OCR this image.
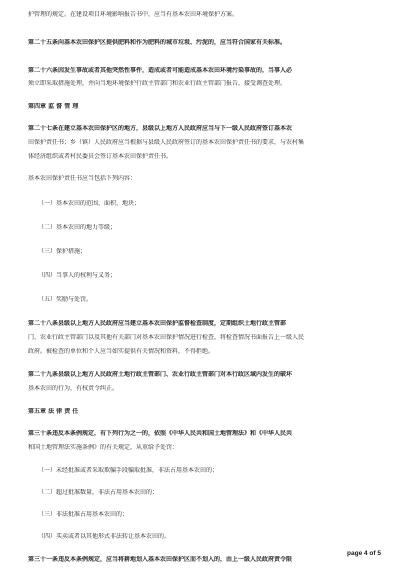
护管理的规定。在建设项目环境影响报告书中，应当有基本农田环境保护方案。

第二十五条向基本农田保护区提供肥料和作为肥料的城市垃圾、污泥的，应当符合国家有关标准。

第二十六条因发生事故或者其他突然性事件，造成或者可能造成基本农田环境污染事故的，当事人必

须立即采取措施处理，并向当地环境保护行政主管部门和农业行政主管部门报告，接受调查处理。

第四章 监 督 管 理

第二十七条在建立基本农田保护区的地方，县级以上地方人民政府应当与下一级人民政府签订基本农

田保护责任书；乡（镇）人民政府应当根据与县级人民政府签订的基本农田保护责任书的要求，与农村集

体经济组织或者村民委员会签订基本农田保护责任书。

基本农田保护责任书应当包括下列内容：

（一）基本农田的范围、面积、地块；

（二）基本农田的地力等级；

（三）保护措施；

（四）当事人的权利与义务；

（五）奖励与处罚。

第二十八条县级以上地方人民政府应当建立基本农田保护监督检查制度，定期组织土地行政主管部

门、农业行政主管部门以及其他有关部门对基本农田保护情况进行检查，将检查情况书面报告上一级人民

政府。被检查的单位和个人应当如实提供有关情况和资料，不得拒绝。

第二十九条县级以上地方人民政府土地行政主管部门、农业行政主管部门对本行政区域内发生的破坏

基本农田的行为，有权责令纠正。

第五章 法 律 责 任

第三十条违反本条例规定，有下列行为之一的，依照《中华人民共和国土地管理法》和《中华人民共

和国土地管理法实施条例》的有关规定，从重给予处罚：

（一）未经批准或者采取欺骗手段骗取批准，非法占用基本农田的；

（二）超过批准数量，非法占用基本农田的；

（三）非法批准占用基本农田的；

（四）买卖或者以其他形式非法转让基本农田的。

第三十一条违反本条例规定，应当将耕地划入基本农田保护区而不划入的，由上一级人民政府责令限

page 4 of 5
